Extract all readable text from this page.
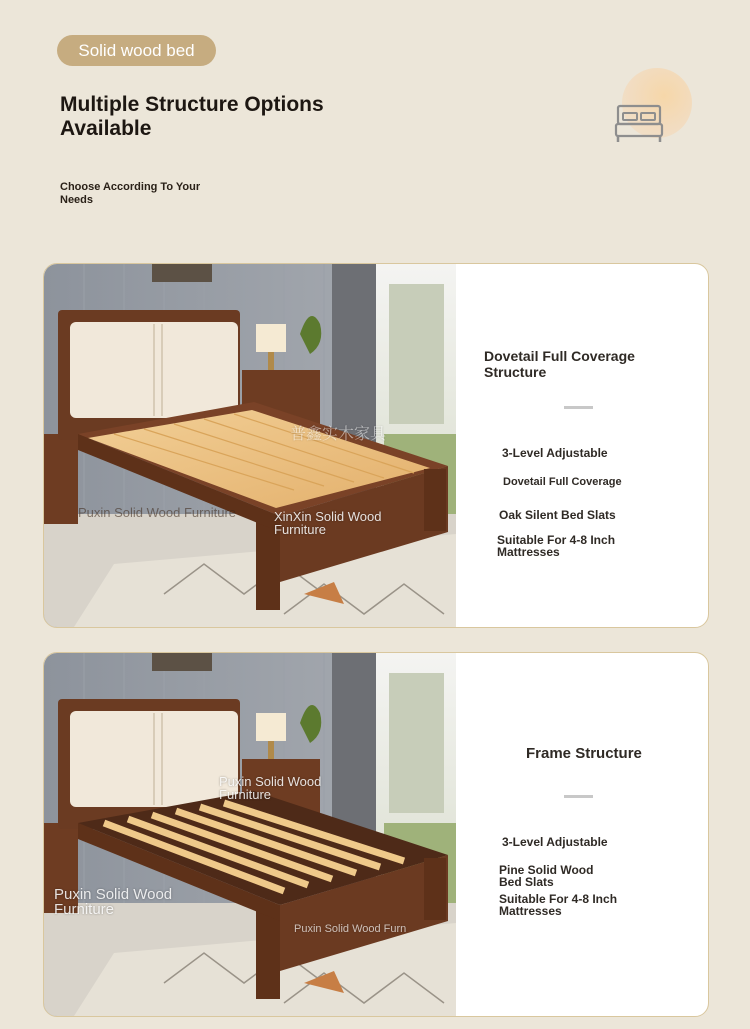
Solid wood bed
Multiple Structure Options Available
Choose According To Your Needs
Puxin Solid Wood Furniture	XinXin Solid Wood Furniture
普鑫实木家具
Dovetail Full Coverage Structure
3-Level Adjustable
Dovetail Full Coverage
Oak Silent Bed Slats
Suitable For 4-8 Inch Mattresses
Puxin Solid Wood Furniture
Puxin Solid Wood Furniture
Puxin Solid Wood Furn
Frame Structure
3-Level Adjustable
Pine Solid Wood Bed Slats
Suitable For 4-8 Inch Mattresses
